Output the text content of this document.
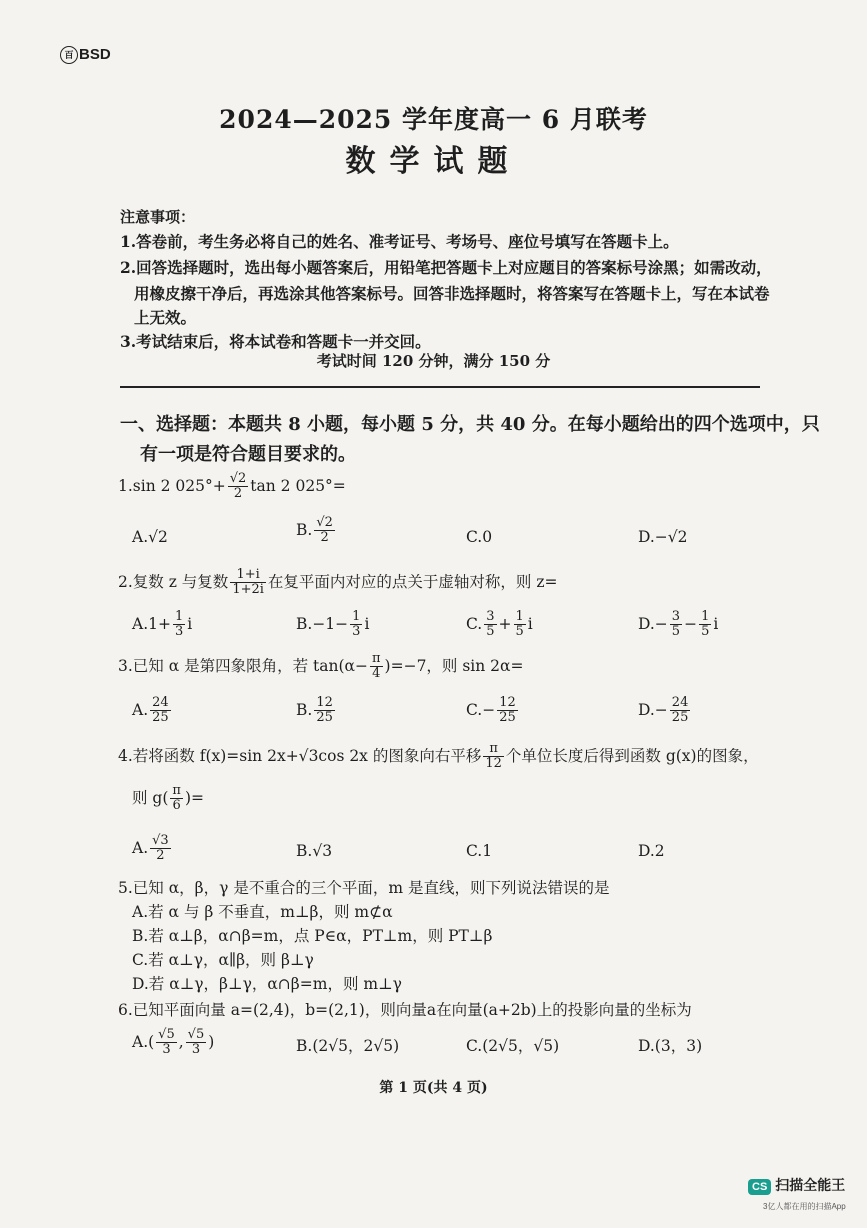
百 BSD
2024—2025 学年度高一 6 月联考
数学试题
注意事项：
1.答卷前，考生务必将自己的姓名、准考证号、考场号、座位号填写在答题卡上。
2.回答选择题时，选出每小题答案后，用铅笔把答题卡上对应题目的答案标号涂黑；如需改动，
用橡皮擦干净后，再选涂其他答案标号。回答非选择题时，将答案写在答题卡上，写在本试卷
上无效。
3.考试结束后，将本试卷和答题卡一并交回。
考试时间 120 分钟，满分 150 分
一、选择题：本题共 8 小题，每小题 5 分，共 40 分。在每小题给出的四个选项中，只
有一项是符合题目要求的。
1.sin 2 $025^\circ+ \frac{√2}{2}$ tan 2 025°=
A.√2	B. $\frac{√2}{2}$	C.0	D.−√2
2.复数 z 与复数 $\frac{1+i}{1+2i}$ 在复平面内对应的点关于虚轴对称，则 z=
$A.1+ \frac{1}{3}$ i	$B.-1- \frac{1}{3}$ i	C. $\frac{3}{5} + \frac{1}{5}$ i	$D.- \frac{3}{5} - \frac{1}{5}$ i
3.已知 α 是第四象限角，若 $\tan(\alpha- \frac{\pi}{4} )=-7$，则 sin 2α=
A. $\frac{24}{25}$	B. $\frac{12}{25}$	$C.- \frac{12}{25}$	$D.- \frac{24}{25}$
4.若将函数 f(x)=sin 2x+√3cos 2x 的图象向右平移 $\frac{\pi}{12}$ 个单位长度后得到函数 g(x)的图象，
则 $g( \frac{\pi}{6}$ )=
A. $\frac{√3}{2}$	B.√3	C.1	D.2
5.已知 α，β，γ 是不重合的三个平面，m 是直线，则下列说法错误的是
A.若 α 与 β 不垂直，m⊥β，则 m⊄α
B.若 α⊥β，α∩β=m，点 P∈α，PT⊥m，则 PT⊥β
C.若 α⊥γ，α∥β，则 β⊥γ
D.若 α⊥γ，β⊥γ，α∩β=m，则 m⊥γ
6.已知平面向量 a=(2,4)，b=(2,1)，则向量a在向量(a+2b)上的投影向量的坐标为
$A.( \frac{√5}{3}$ , $\frac{√5}{3}$ )	B.(2√5，2√5)	C.(2√5，√5)	D.(3，3)
第 1 页(共 4 页)
CS 扫描全能王
3亿人都在用的扫描App
